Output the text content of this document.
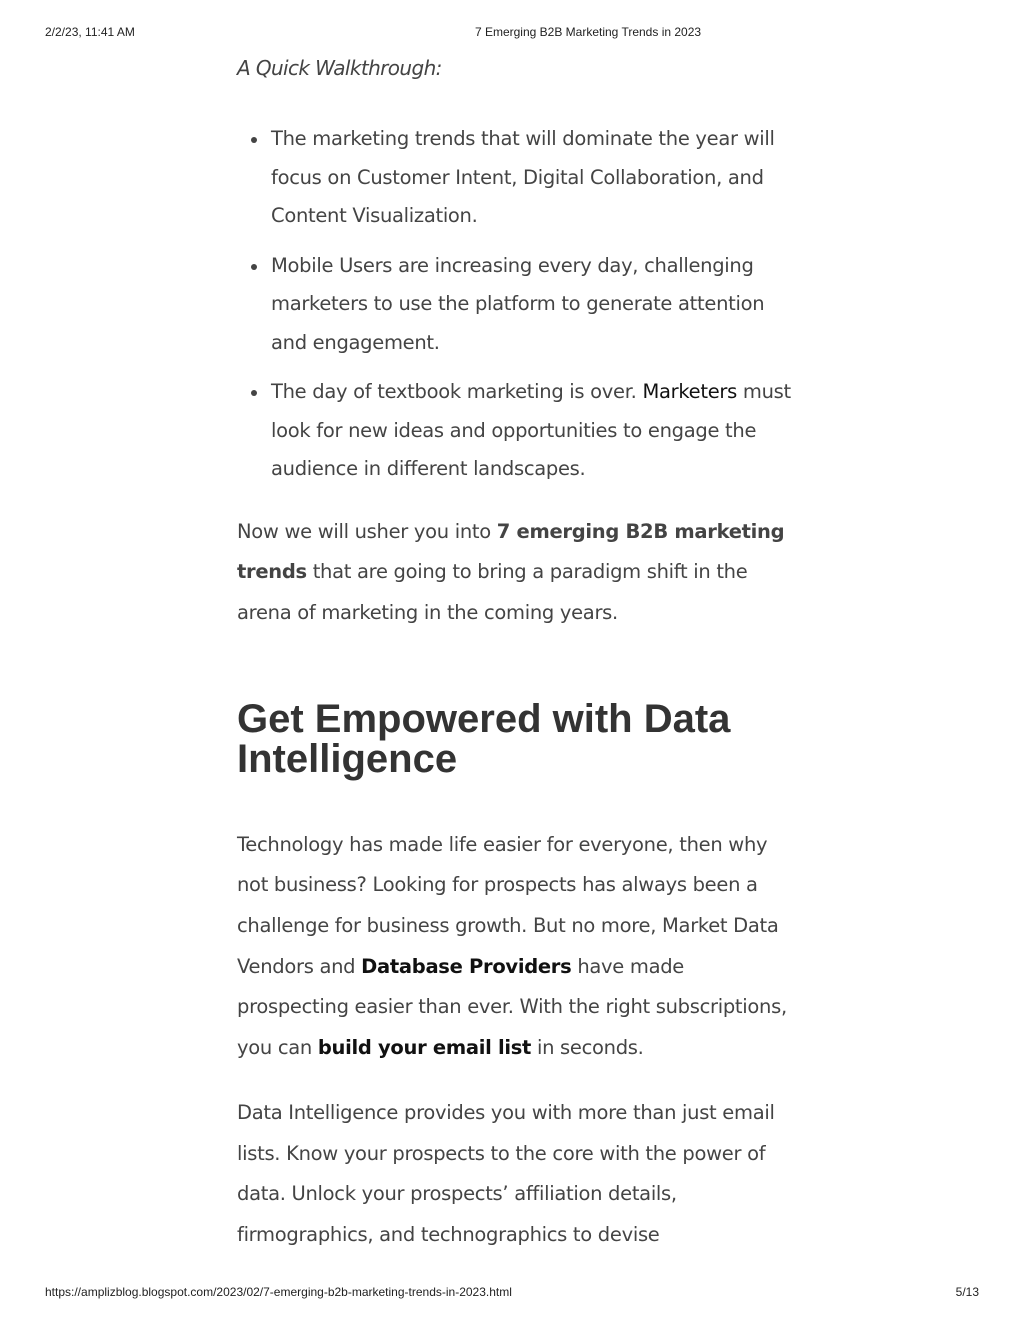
2/2/23, 11:41 AM	7 Emerging B2B Marketing Trends in 2023

A Quick Walkthrough:

The marketing trends that will dominate the year will focus on Customer Intent, Digital Collaboration, and Content Visualization.
Mobile Users are increasing every day, challenging marketers to use the platform to generate attention and engagement.
The day of textbook marketing is over. Marketers must look for new ideas and opportunities to engage the audience in different landscapes.

Now we will usher you into 7 emerging B2B marketing trends that are going to bring a paradigm shift in the arena of marketing in the coming years.

Get Empowered with Data Intelligence

Technology has made life easier for everyone, then why not business? Looking for prospects has always been a challenge for business growth. But no more, Market Data Vendors and Database Providers have made prospecting easier than ever. With the right subscriptions, you can build your email list in seconds.

Data Intelligence provides you with more than just email lists. Know your prospects to the core with the power of data. Unlock your prospects’ affiliation details, firmographics, and technographics to devise

https://amplizblog.blogspot.com/2023/02/7-emerging-b2b-marketing-trends-in-2023.html	5/13
